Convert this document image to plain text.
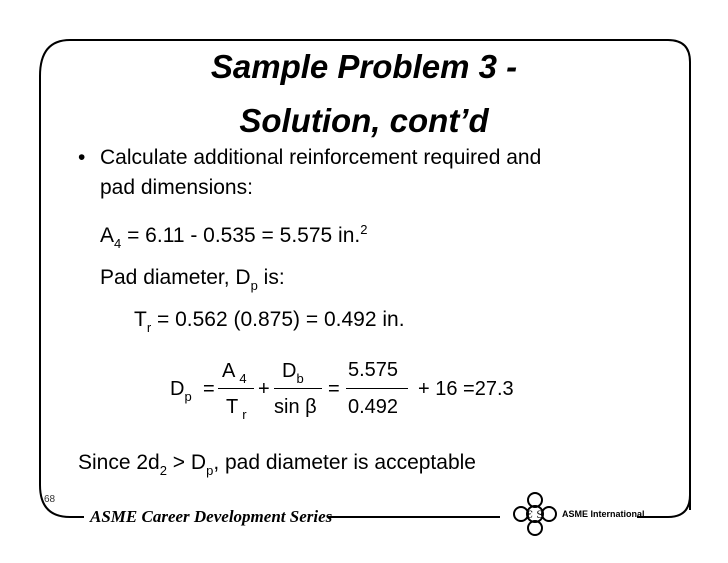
Sample Problem 3 -
Solution, cont’d
• Calculate additional reinforcement required and
pad dimensions:
$A_4 = 6.11 - 0.535 = 5.575$ in.$^2$
Pad diameter, $D_p$ is:
$T_r = 0.562$ (0.875) = 0.492 in.
$D_p$ =
A $_4$
T $_r$
+
$D_b$
sin β
=
5.575
0.492
+ 16 =27.3
Since $2d_2 > D_p$, pad diameter is acceptable
68
ASME Career Development Series	€ S ASME International
